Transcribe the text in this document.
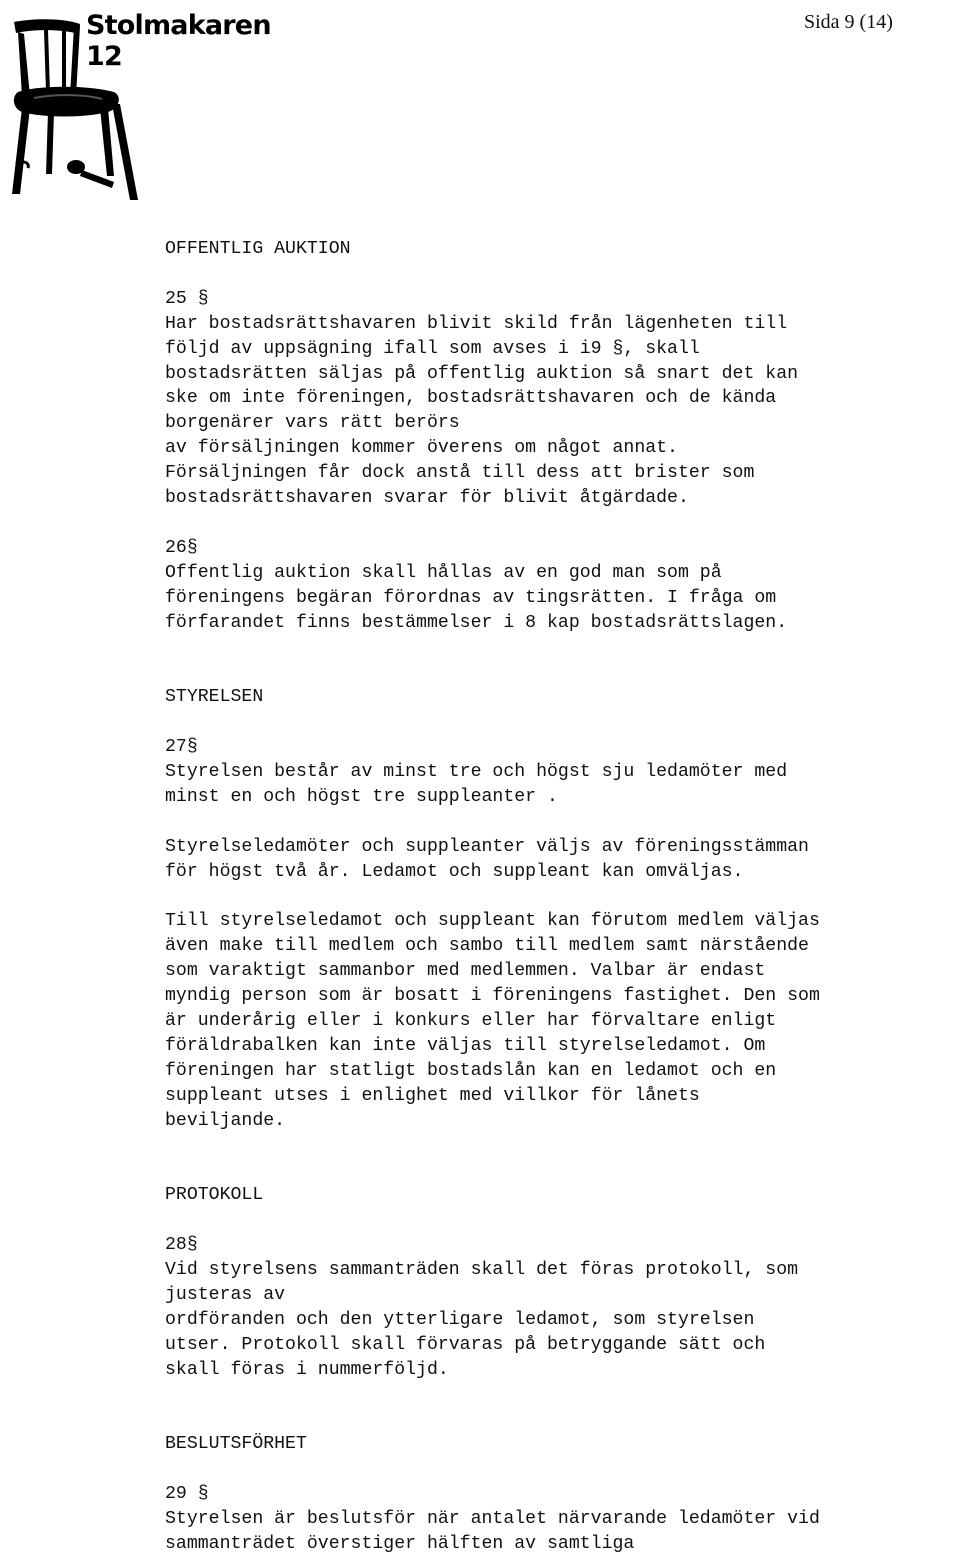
Stolmakaren 12
Sida 9 (14)

OFFENTLIG AUKTION

25 §

Har bostadsrättshavaren blivit skild från lägenheten till

följd av uppsägning ifall som avses i i9 §, skall

bostadsrätten säljas på offentlig auktion så snart det kan

ske om inte föreningen, bostadsrättshavaren och de kända

borgenärer vars rätt berörs

av försäljningen kommer överens om något annat.

Försäljningen får dock anstå till dess att brister som

bostadsrättshavaren svarar för blivit åtgärdade.

26§

Offentlig auktion skall hållas av en god man som på

föreningens begäran förordnas av tingsrätten. I fråga om

förfarandet finns bestämmelser i 8 kap bostadsrättslagen.

STYRELSEN

27§

Styrelsen består av minst tre och högst sju ledamöter med

minst en och högst tre suppleanter .

Styrelseledamöter och suppleanter väljs av föreningsstämman

för högst två år. Ledamot och suppleant kan omväljas.

Till styrelseledamot och suppleant kan förutom medlem väljas

även make till medlem och sambo till medlem samt närstående

som varaktigt sammanbor med medlemmen. Valbar är endast

myndig person som är bosatt i föreningens fastighet. Den som

är underårig eller i konkurs eller har förvaltare enligt

föräldrabalken kan inte väljas till styrelseledamot. Om

föreningen har statligt bostadslån kan en ledamot och en

suppleant utses i enlighet med villkor för lånets

beviljande.

PROTOKOLL

28§

Vid styrelsens sammanträden skall det föras protokoll, som

justeras av

ordföranden och den ytterligare ledamot, som styrelsen

utser. Protokoll skall förvaras på betryggande sätt och

skall föras i nummerföljd.

BESLUTSFÖRHET

29 §

Styrelsen är beslutsför när antalet närvarande ledamöter vid

sammanträdet överstiger hälften av samtliga
